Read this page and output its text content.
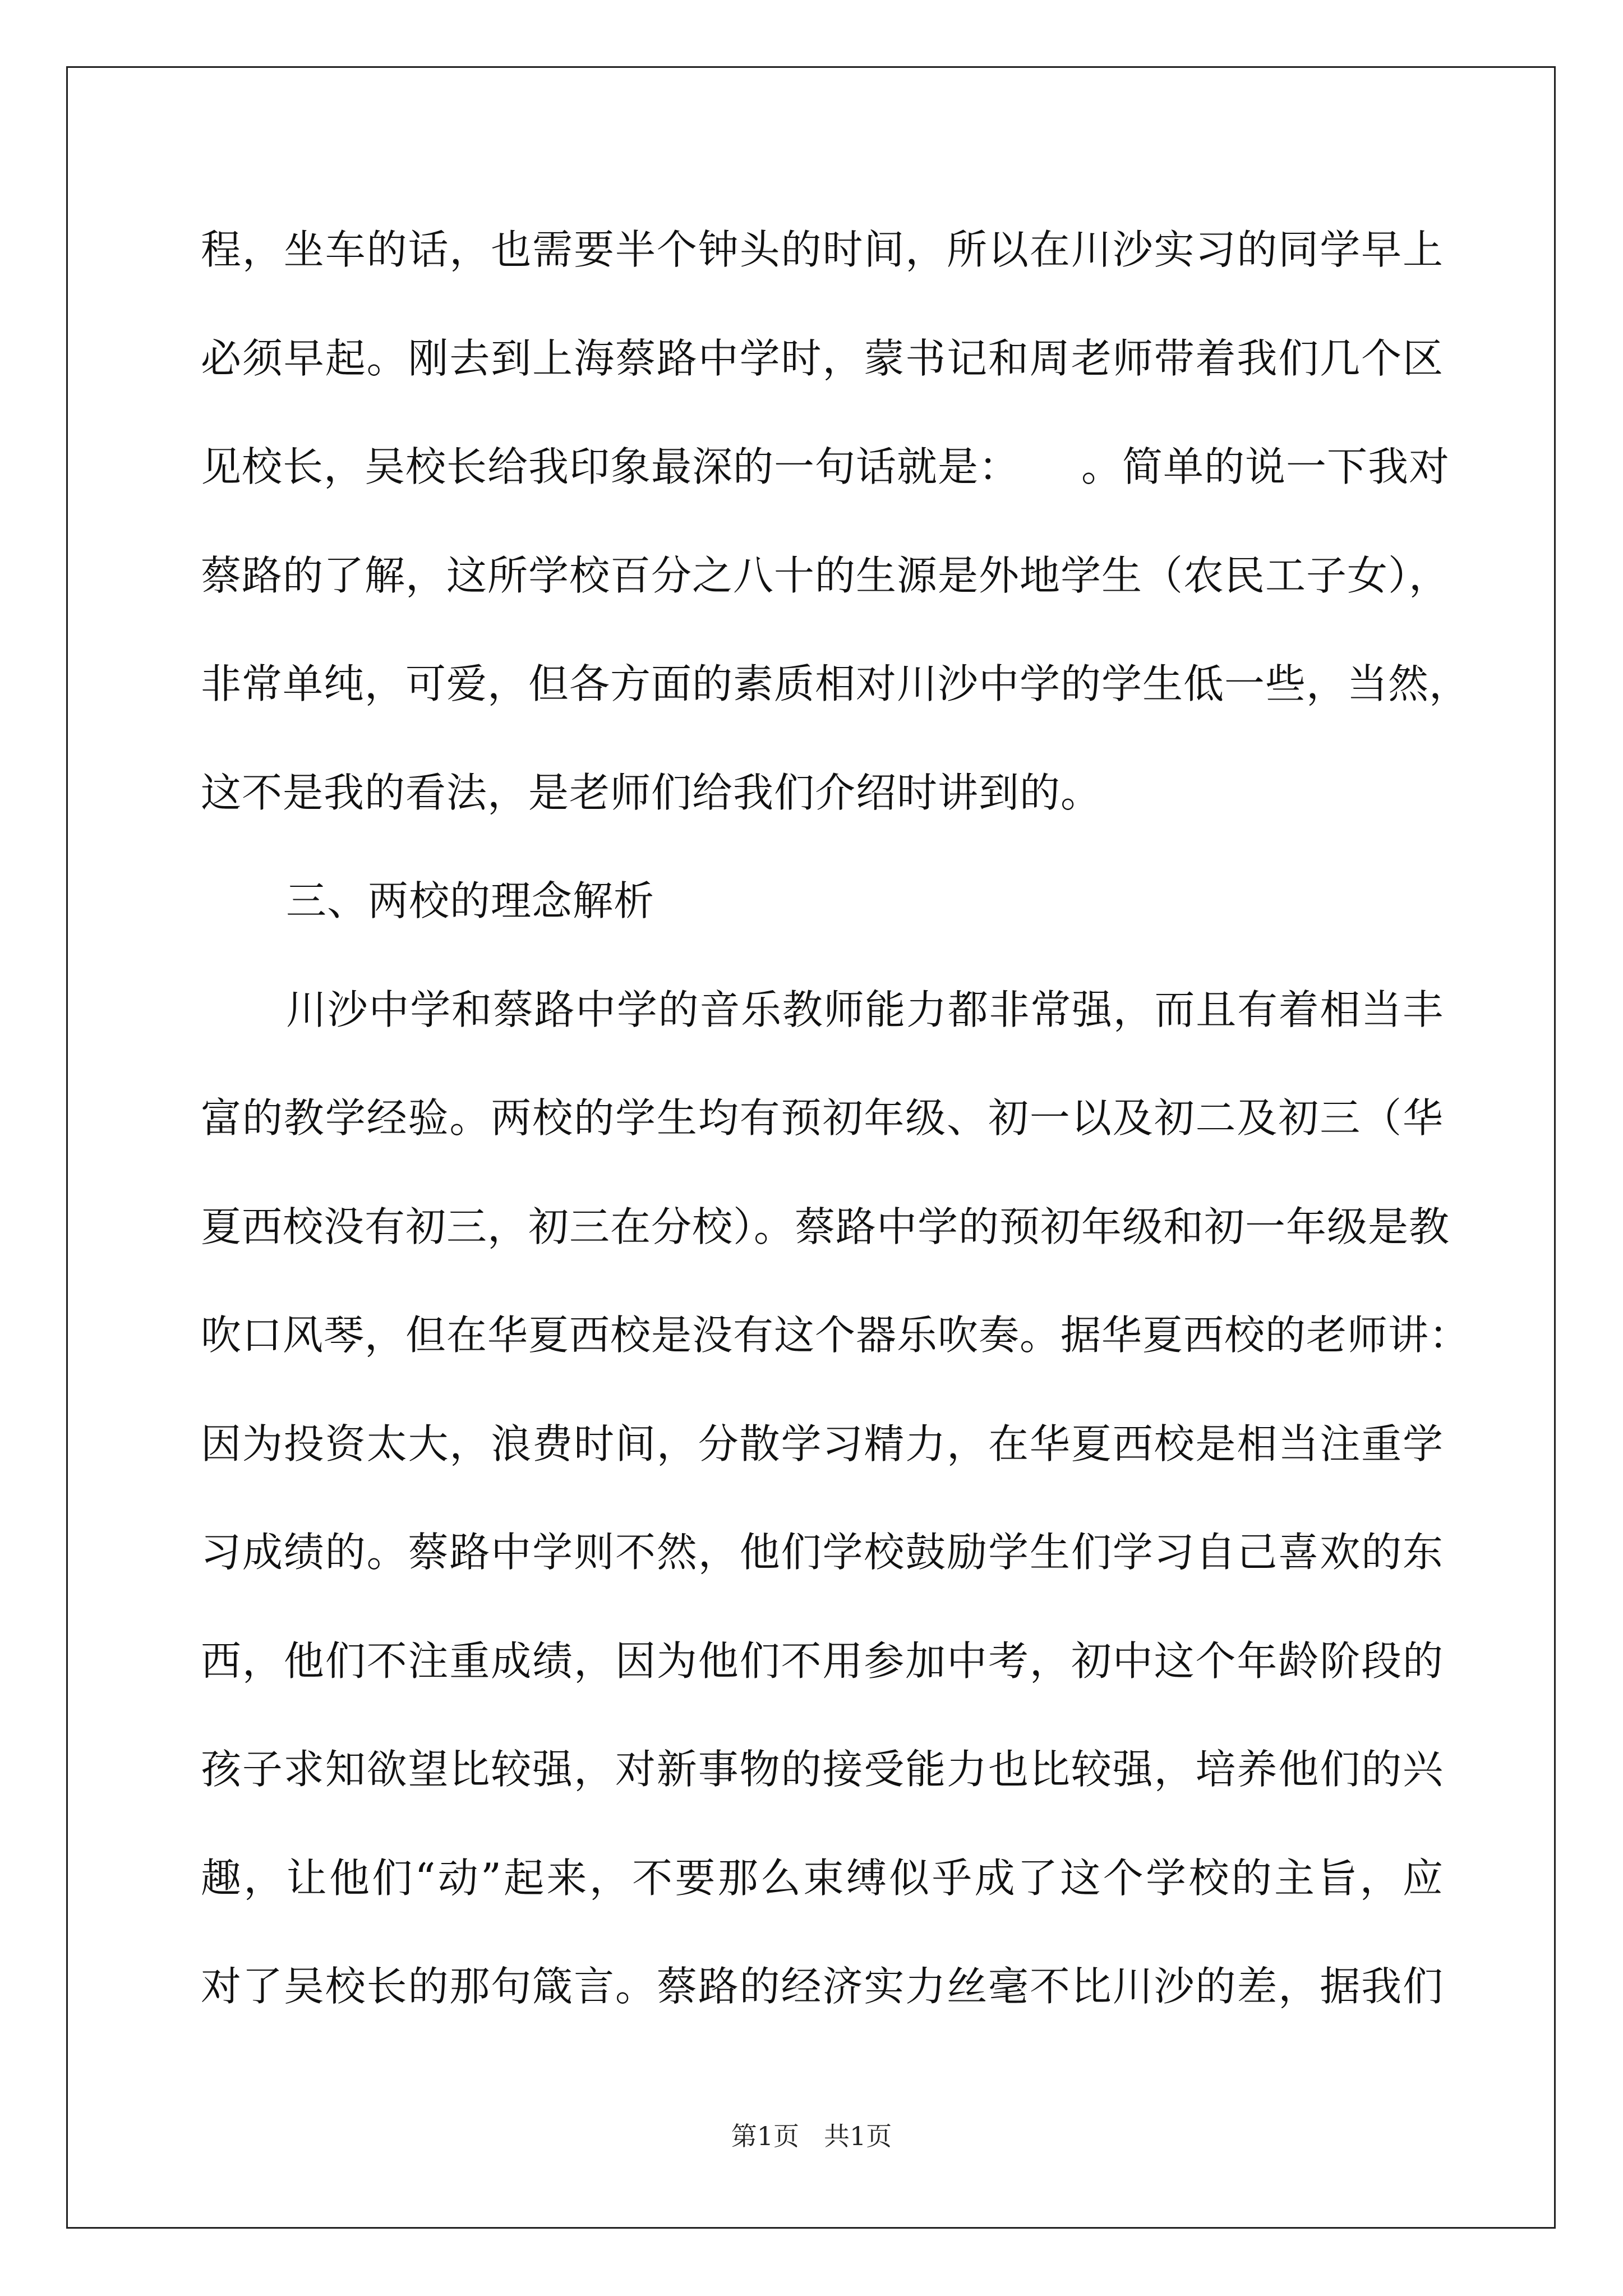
程，坐车的话，也需要半个钟头的时间，所以在川沙实习的同学早上
必须早起。刚去到上海蔡路中学时，蒙书记和周老师带着我们几个区
见校长，吴校长给我印象最深的一句话就是：　　。简单的说一下我对
蔡路的了解，这所学校百分之八十的生源是外地学生（农民工子女），
非常单纯，可爱，但各方面的素质相对川沙中学的学生低一些，当然，
这不是我的看法，是老师们给我们介绍时讲到的。
三、两校的理念解析
川沙中学和蔡路中学的音乐教师能力都非常强，而且有着相当丰
富的教学经验。两校的学生均有预初年级、初一以及初二及初三（华
夏西校没有初三，初三在分校）。蔡路中学的预初年级和初一年级是教
吹口风琴，但在华夏西校是没有这个器乐吹奏。据华夏西校的老师讲：
因为投资太大，浪费时间，分散学习精力，在华夏西校是相当注重学
习成绩的。蔡路中学则不然，他们学校鼓励学生们学习自己喜欢的东
西，他们不注重成绩，因为他们不用参加中考，初中这个年龄阶段的
孩子求知欲望比较强，对新事物的接受能力也比较强，培养他们的兴
趣，让他们“动”起来，不要那么束缚似乎成了这个学校的主旨，应
对了吴校长的那句箴言。蔡路的经济实力丝毫不比川沙的差，据我们
第1页 共1页
